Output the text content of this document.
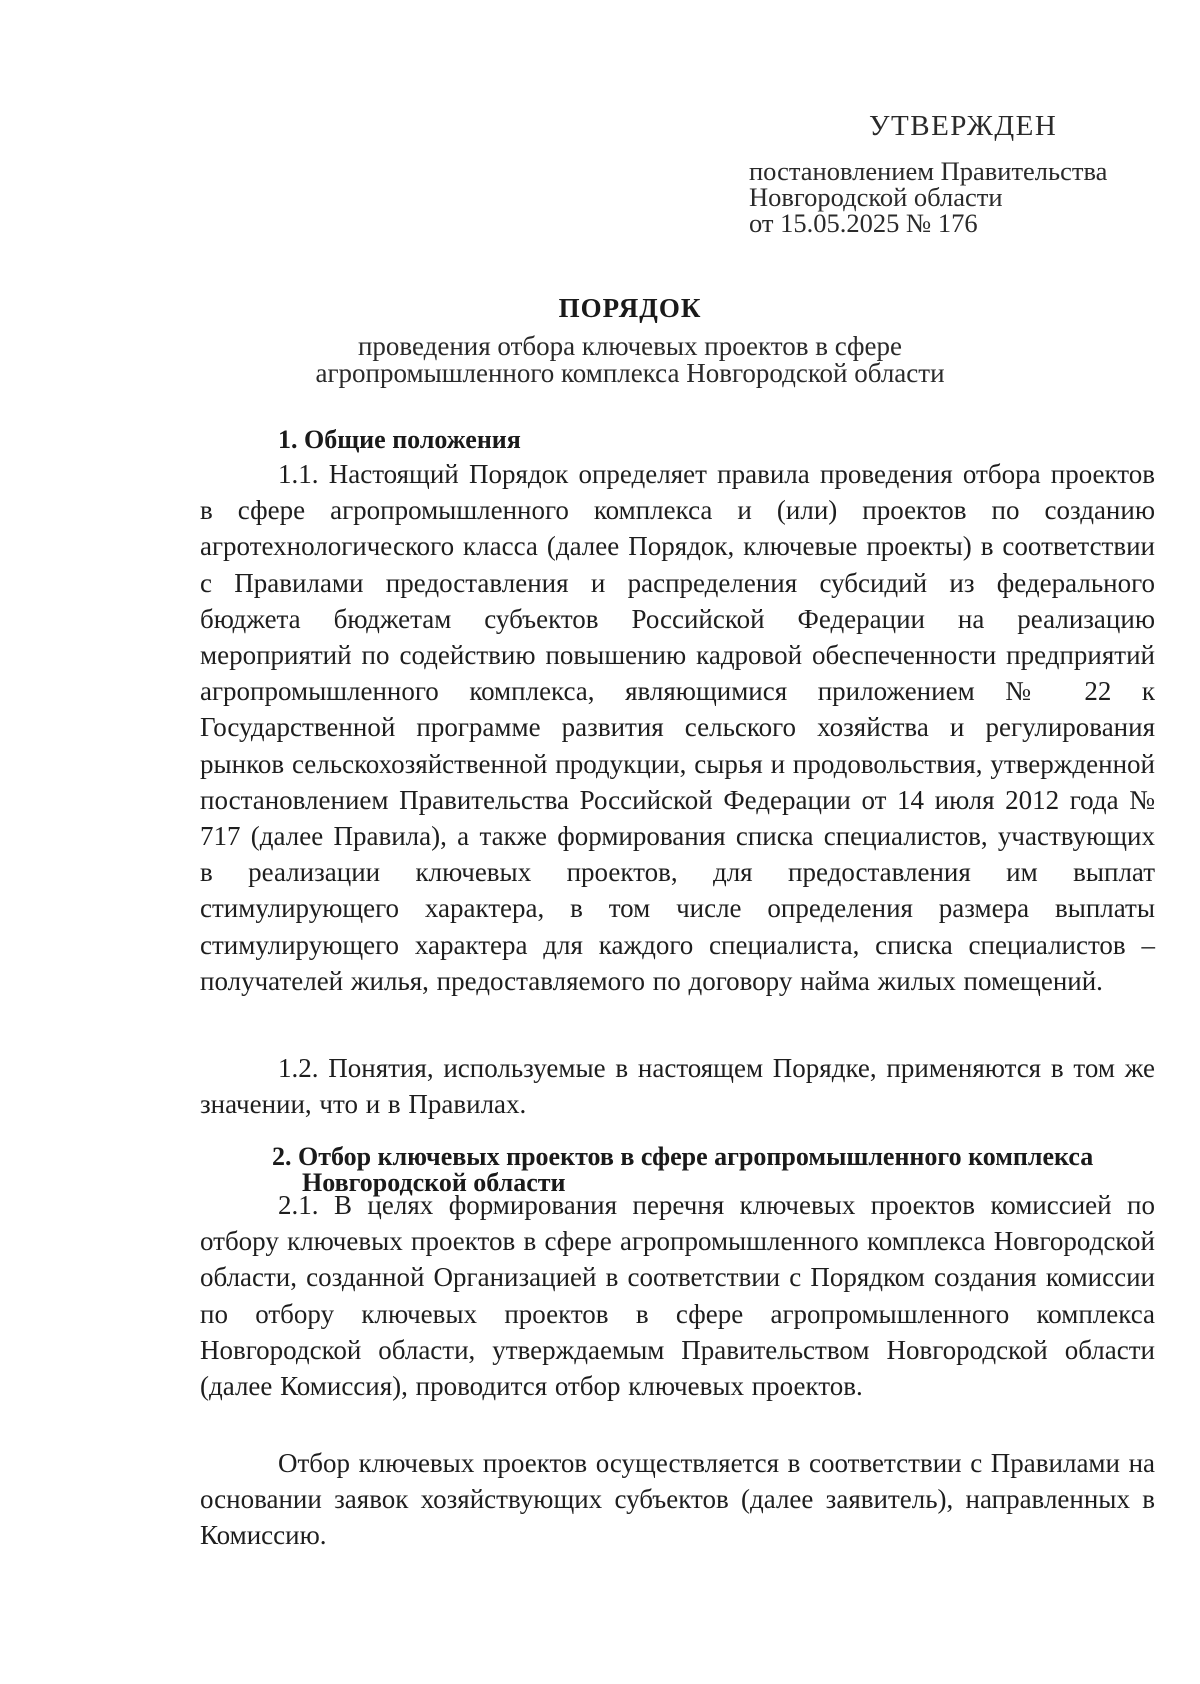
УТВЕРЖДЕН
постановлением Правительства
Новгородской области
от 15.05.2025 № 176
ПОРЯДОК
проведения отбора ключевых проектов в сфере
агропромышленного комплекса Новгородской области
1. Общие положения

1.1. Настоящий Порядок определяет правила проведения отбора проектов в сфере агропромышленного комплекса и (или) проектов по созданию агротехнологического класса (далее Порядок, ключевые проекты) в соответствии с Правилами предоставления и распределения субсидий из федерального бюджета бюджетам субъектов Российской Федерации на реализацию мероприятий по содействию повышению кадровой обеспеченности предприятий агропромышленного комплекса, являющимися приложением № 22 к Государственной программе развития сельского хозяйства и регулирования рынков сельскохозяйственной продукции, сырья и продовольствия, утвержденной постановлением Правительства Российской Федерации от 14 июля 2012 года № 717 (далее Правила), а также формирования списка специалистов, участвующих в реализации ключевых проектов, для предоставления им выплат стимулирующего характера, в том числе определения размера выплаты стимулирующего характера для каждого специалиста, списка специалистов – получателей жилья, предоставляемого по договору найма жилых помещений.

1.2. Понятия, используемые в настоящем Порядке, применяются в том же значении, что и в Правилах.

2. Отбор ключевых проектов в сфере агропромышленного комплекса
Новгородской области

2.1. В целях формирования перечня ключевых проектов комиссией по отбору ключевых проектов в сфере агропромышленного комплекса Новгородской области, созданной Организацией в соответствии с Порядком создания комиссии по отбору ключевых проектов в сфере агропромышленного комплекса Новгородской области, утверждаемым Правительством Новгородской области (далее Комиссия), проводится отбор ключевых проектов.

Отбор ключевых проектов осуществляется в соответствии с Правилами на основании заявок хозяйствующих субъектов (далее заявитель), направленных в Комиссию.
